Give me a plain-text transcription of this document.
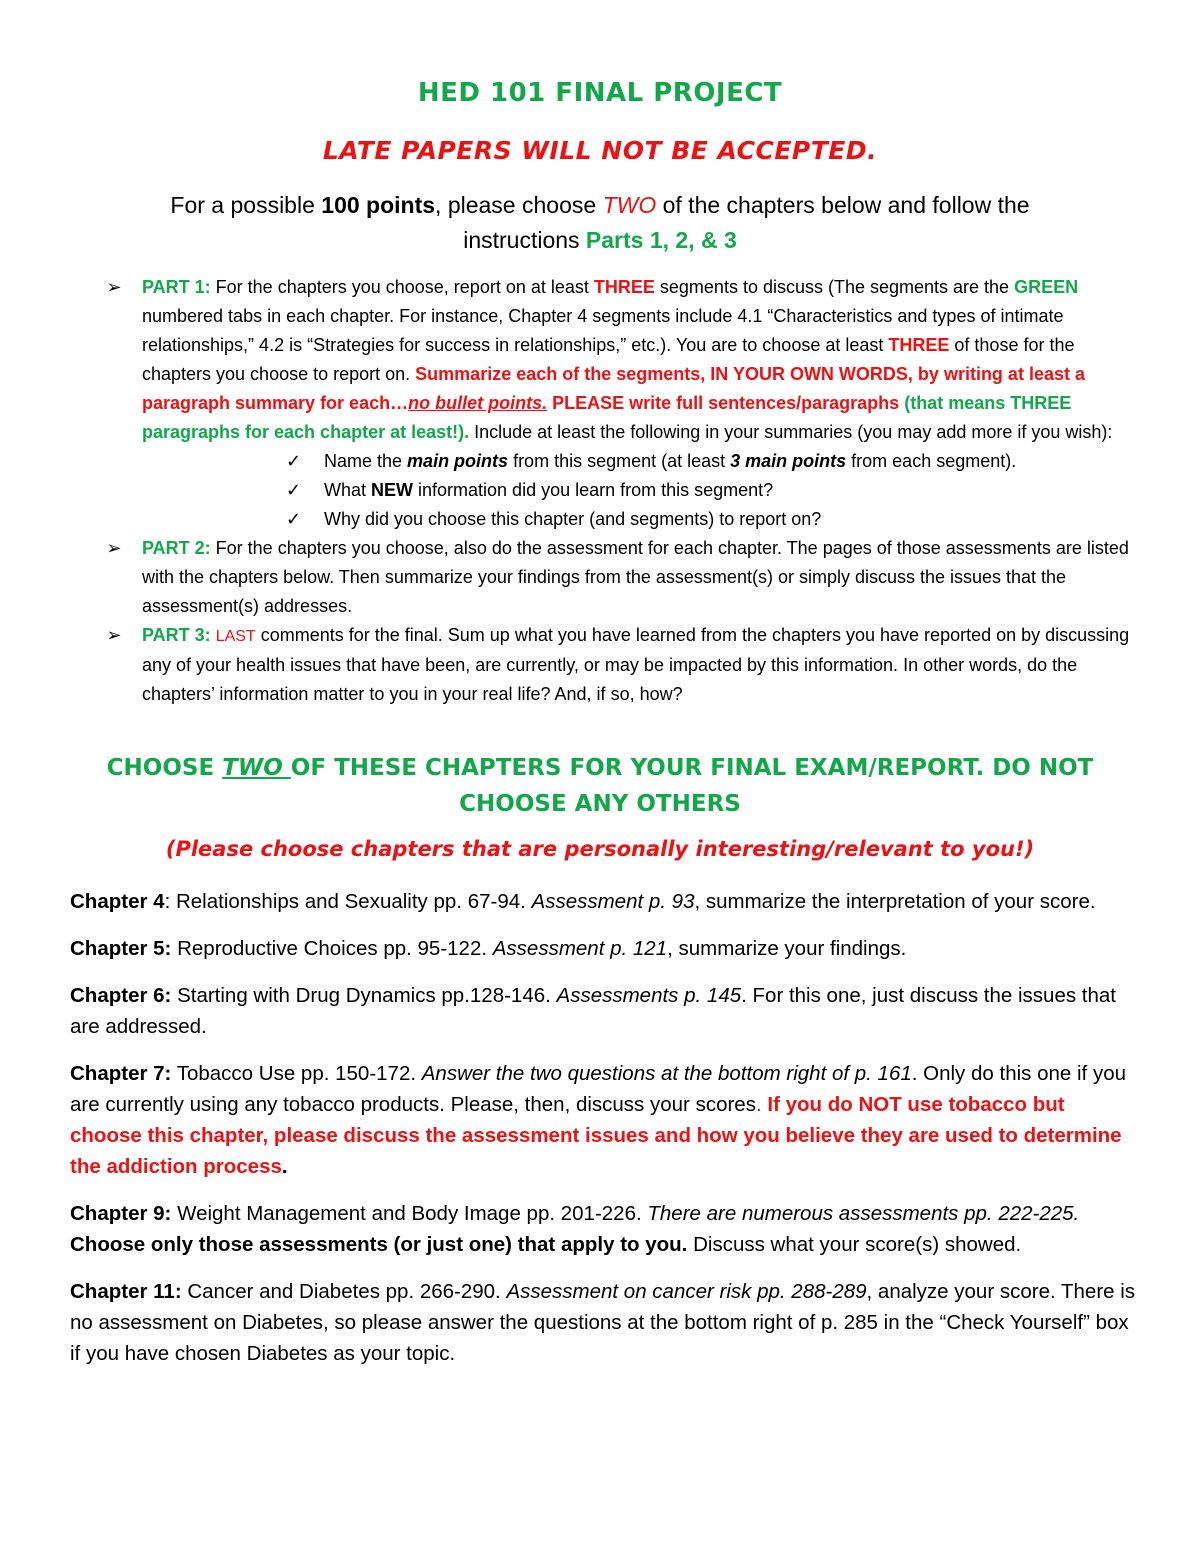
HED 101 FINAL PROJECT
LATE PAPERS WILL NOT BE ACCEPTED.
For a possible 100 points, please choose TWO of the chapters below and follow the instructions Parts 1, 2, & 3
➢ PART 1: For the chapters you choose, report on at least THREE segments to discuss (The segments are the GREEN numbered tabs in each chapter. For instance, Chapter 4 segments include 4.1 “Characteristics and types of intimate relationships,” 4.2 is “Strategies for success in relationships,” etc.). You are to choose at least THREE of those for the chapters you choose to report on. Summarize each of the segments, IN YOUR OWN WORDS, by writing at least a paragraph summary for each…no bullet points. PLEASE write full sentences/paragraphs (that means THREE paragraphs for each chapter at least!). Include at least the following in your summaries (you may add more if you wish):
✓ Name the main points from this segment (at least 3 main points from each segment).
✓ What NEW information did you learn from this segment?
✓ Why did you choose this chapter (and segments) to report on?
➢ PART 2: For the chapters you choose, also do the assessment for each chapter. The pages of those assessments are listed with the chapters below. Then summarize your findings from the assessment(s) or simply discuss the issues that the assessment(s) addresses.
➢ PART 3: LAST comments for the final. Sum up what you have learned from the chapters you have reported on by discussing any of your health issues that have been, are currently, or may be impacted by this information. In other words, do the chapters’ information matter to you in your real life? And, if so, how?
CHOOSE TWO OF THESE CHAPTERS FOR YOUR FINAL EXAM/REPORT. DO NOT CHOOSE ANY OTHERS
(Please choose chapters that are personally interesting/relevant to you!)
Chapter 4: Relationships and Sexuality pp. 67-94. Assessment p. 93, summarize the interpretation of your score.
Chapter 5: Reproductive Choices pp. 95-122. Assessment p. 121, summarize your findings.
Chapter 6: Starting with Drug Dynamics pp.128-146. Assessments p. 145. For this one, just discuss the issues that are addressed.
Chapter 7: Tobacco Use pp. 150-172. Answer the two questions at the bottom right of p. 161. Only do this one if you are currently using any tobacco products. Please, then, discuss your scores. If you do NOT use tobacco but choose this chapter, please discuss the assessment issues and how you believe they are used to determine the addiction process.
Chapter 9: Weight Management and Body Image pp. 201-226. There are numerous assessments pp. 222-225. Choose only those assessments (or just one) that apply to you. Discuss what your score(s) showed.
Chapter 11: Cancer and Diabetes pp. 266-290. Assessment on cancer risk pp. 288-289, analyze your score. There is no assessment on Diabetes, so please answer the questions at the bottom right of p. 285 in the “Check Yourself” box if you have chosen Diabetes as your topic.
